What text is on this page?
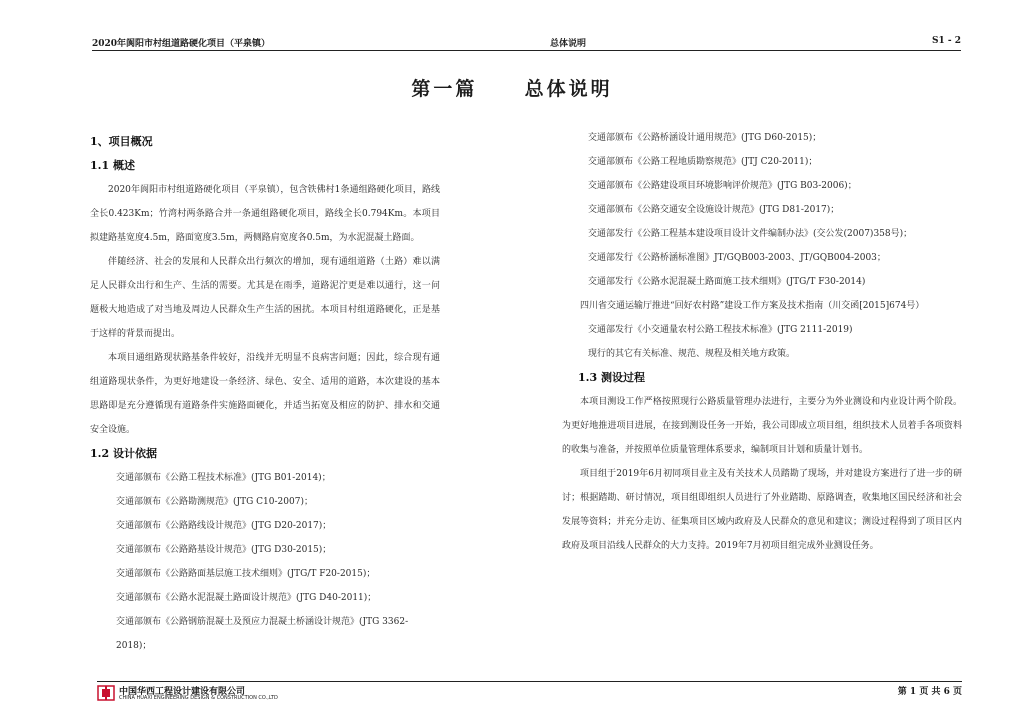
2020年阆阳市村组道路硬化项目（平泉镇）	总体说明	S1 - 2
第一篇 总体说明

1、项目概况

1.1 概述

2020年阆阳市村组道路硬化项目（平泉镇），包含铁佛村1条通组路硬化项目，路线全长0.423Km；竹湾村两条路合并一条通组路硬化项目，路线全长0.794Km。本项目拟建路基宽度4.5m，路面宽度3.5m，两侧路肩宽度各0.5m，为水泥混凝土路面。

伴随经济、社会的发展和人民群众出行频次的增加，现有通组道路（土路）难以满足人民群众出行和生产、生活的需要。尤其是在雨季，道路泥泞更是难以通行，这一问题极大地造成了对当地及周边人民群众生产生活的困扰。本项目村组道路硬化，正是基于这样的背景而提出。

本项目通组路现状路基条件较好，沿线并无明显不良病害问题；因此，综合现有通组道路现状条件，为更好地建设一条经济、绿色、安全、适用的道路，本次建设的基本思路即是充分遵循现有道路条件实施路面硬化，并适当拓宽及相应的防护、排水和交通安全设施。

1.2 设计依据

交通部颁布《公路工程技术标准》(JTG B01-2014)；

交通部颁布《公路勘测规范》(JTG C10-2007)；

交通部颁布《公路路线设计规范》(JTG D20-2017)；

交通部颁布《公路路基设计规范》(JTG D30-2015)；

交通部颁布《公路路面基层施工技术细则》(JTG/T F20-2015)；

交通部颁布《公路水泥混凝土路面设计规范》(JTG D40-2011)；

交通部颁布《公路钢筋混凝土及预应力混凝土桥涵设计规范》(JTG 3362-2018)；

交通部颁布《公路桥涵设计通用规范》(JTG D60-2015)；

交通部颁布《公路工程地质勘察规范》(JTJ C20-2011)；

交通部颁布《公路建设项目环境影响评价规范》(JTG B03-2006)；

交通部颁布《公路交通安全设施设计规范》(JTG D81-2017)；

交通部发行《公路工程基本建设项目设计文件编制办法》(交公发(2007)358号)；

交通部发行《公路桥涵标准图》JT/GQB003-2003、JT/GQB004-2003；

交通部发行《公路水泥混凝土路面施工技术细则》(JTG/T F30-2014)

四川省交通运输厅推进“回好农村路”建设工作方案及技术指南（川交函[2015]674号）

交通部发行《小交通量农村公路工程技术标准》(JTG 2111-2019)

现行的其它有关标准、规范、规程及相关地方政策。

1.3 测设过程

本项目测设工作严格按照现行公路质量管理办法进行，主要分为外业测设和内业设计两个阶段。为更好地推进项目进展，在接到测设任务一开始，我公司即成立项目组，组织技术人员着手各项资料的收集与准备，并按照单位质量管理体系要求，编制项目计划和质量计划书。

项目组于2019年6月初同项目业主及有关技术人员踏勘了现场，并对建设方案进行了进一步的研讨；根据踏勘、研讨情况，项目组即组织人员进行了外业踏勘、原路调查，收集地区国民经济和社会发展等资料；并充分走访、征集项目区域内政府及人民群众的意见和建议；测设过程得到了项目区内政府及项目沿线人民群众的大力支持。2019年7月初项目组完成外业测设任务。

中国华西工程设计建设有限公司
CHINA HUAXI ENGINEERING DESIGN & CONSTRUCTION CO.,LTD
第 1 页 共 6 页
